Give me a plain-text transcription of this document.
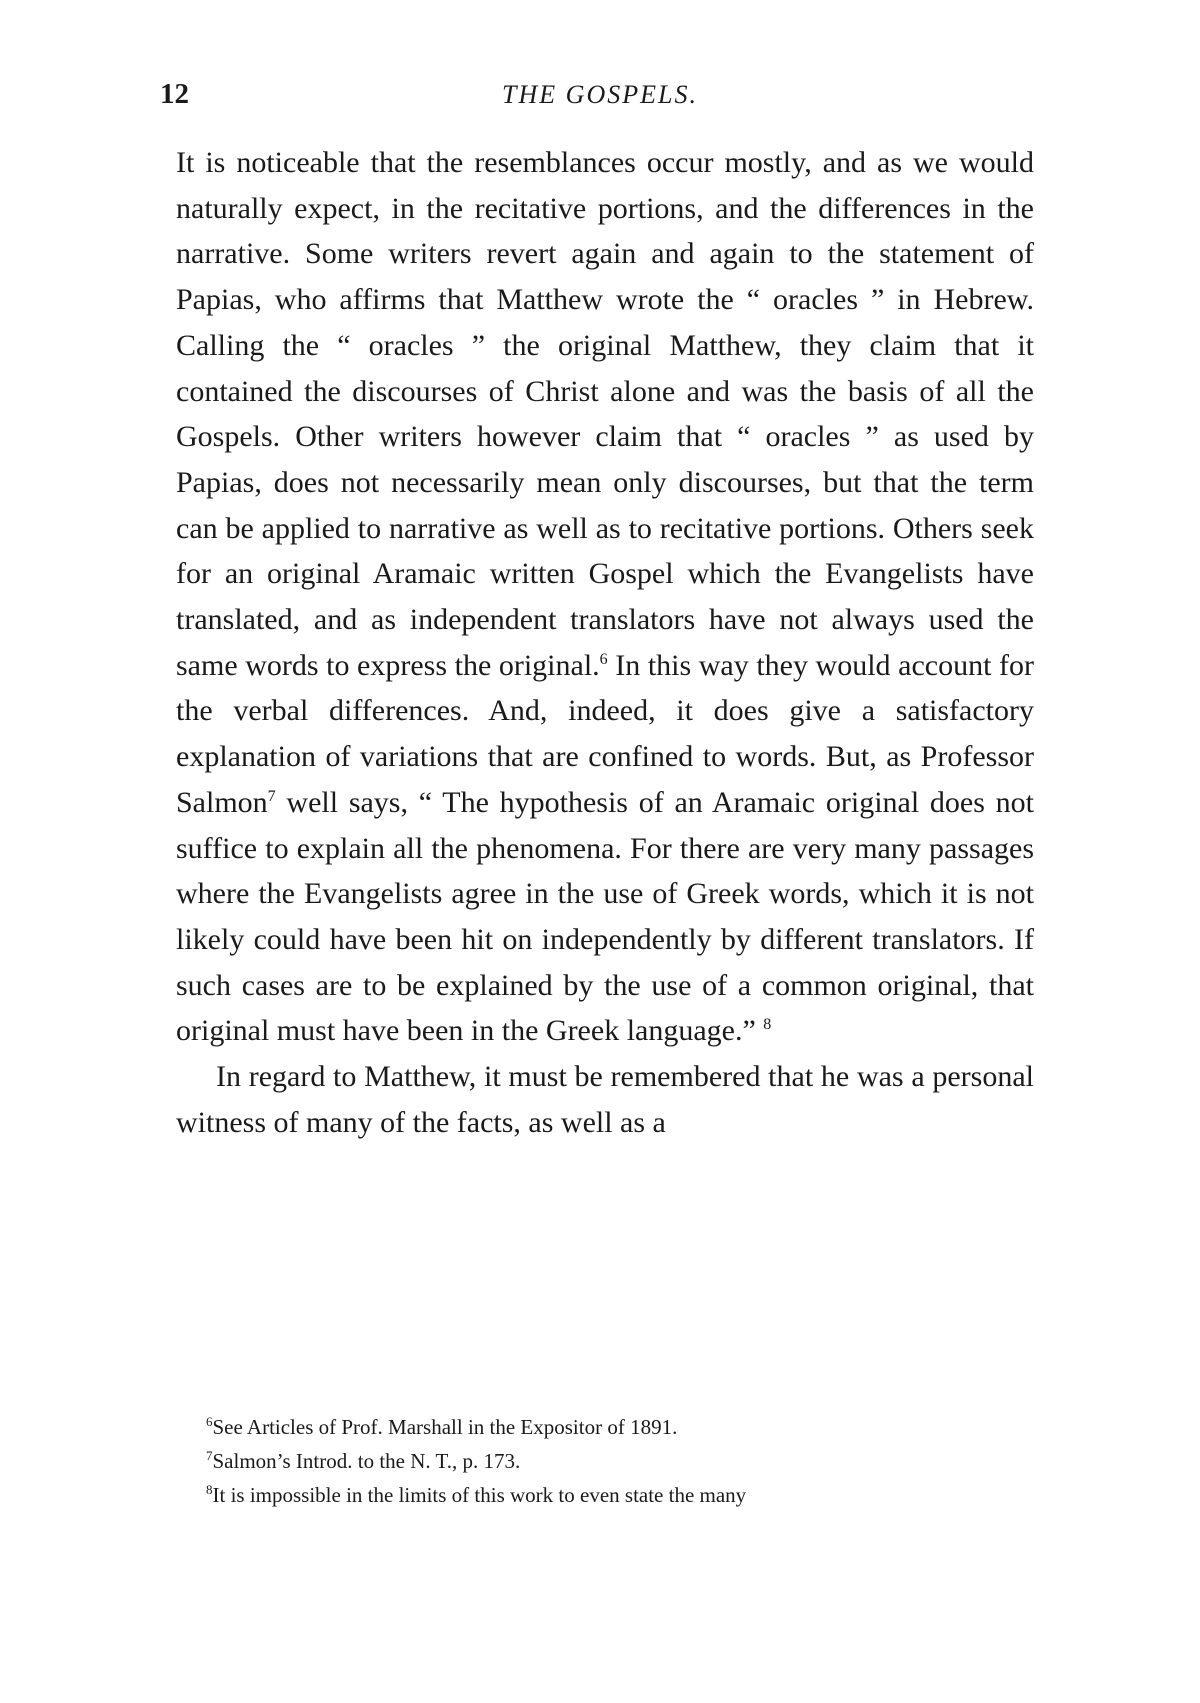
12	THE GOSPELS.

It is noticeable that the resemblances occur mostly, and as we would naturally expect, in the recitative portions, and the differences in the narrative. Some writers revert again and again to the statement of Papias, who affirms that Matthew wrote the “ oracles ” in Hebrew. Calling the “ oracles ” the original Matthew, they claim that it contained the discourses of Christ alone and was the basis of all the Gospels. Other writers however claim that “ oracles ” as used by Papias, does not necessarily mean only discourses, but that the term can be applied to narrative as well as to recitative portions. Others seek for an original Aramaic written Gospel which the Evangelists have translated, and as independent translators have not always used the same words to express the original.$^6$ In this way they would account for the verbal differences. And, indeed, it does give a satisfactory explanation of variations that are confined to words. But, as Professor Salmon$^7$ well says, “ The hypothesis of an Aramaic original does not suffice to explain all the phenomena. For there are very many passages where the Evangelists agree in the use of Greek words, which it is not likely could have been hit on independently by different translators. If such cases are to be explained by the use of a common original, that original must have been in the Greek language.” $^8$

In regard to Matthew, it must be remembered that he was a personal witness of many of the facts, as well as a

$^6$See Articles of Prof. Marshall in the Expositor of 1891.

$^7$Salmon’s Introd. to the N. T., p. 173.

$^8$It is impossible in the limits of this work to even state the many
